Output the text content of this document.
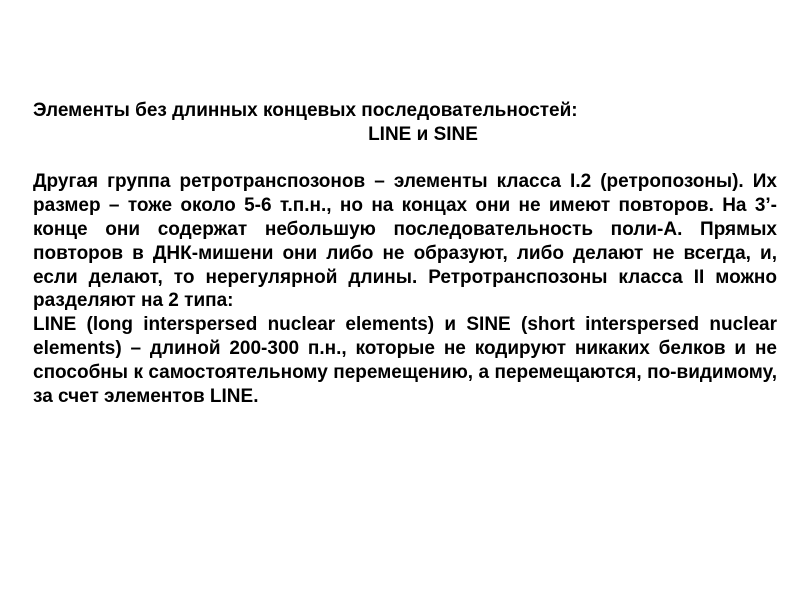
Элементы без длинных концевых последовательностей:
LINE и SINE

Другая группа ретротранспозонов – элементы класса I.2 (ретропозоны). Их размер – тоже около 5-6 т.п.н., но на концах они не имеют повторов. На 3’-конце они содержат небольшую последовательность поли-А. Прямых повторов в ДНК-мишени они либо не образуют, либо делают не всегда, и, если делают, то нерегулярной длины. Ретротранспозоны класса II можно разделяют на 2 типа:

LINE (long interspersed nuclear elements) и SINE (short interspersed nuclear elements) – длиной 200-300 п.н., которые не кодируют никаких белков и не способны к самостоятельному перемещению, а перемещаются, по-видимому, за счет элементов LINE.
